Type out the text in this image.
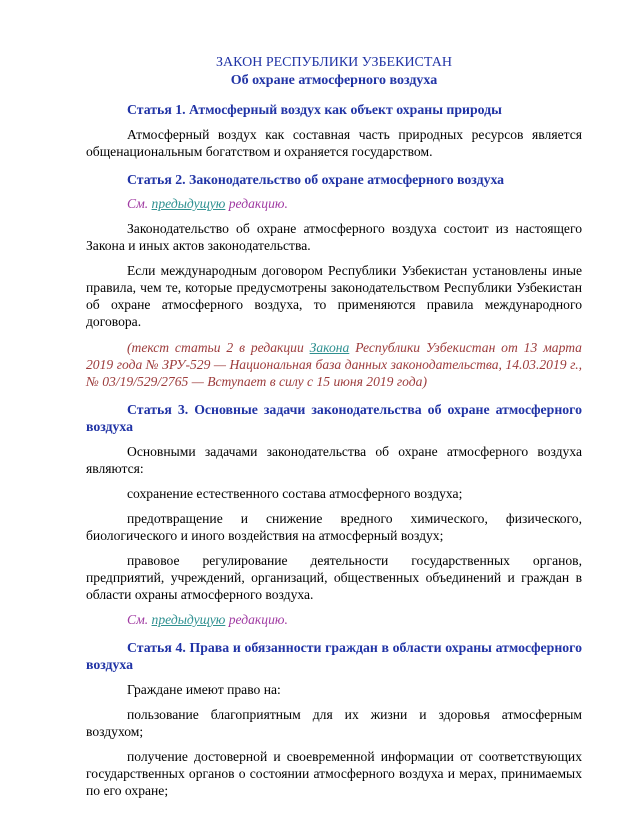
ЗАКОН РЕСПУБЛИКИ УЗБЕКИСТАН
Об охране атмосферного воздуха
Статья 1. Атмосферный воздух как объект охраны природы

Атмосферный воздух как составная часть природных ресурсов является общенациональным богатством и охраняется государством.

Статья 2. Законодательство об охране атмосферного воздуха

См. предыдущую редакцию.

Законодательство об охране атмосферного воздуха состоит из настоящего Закона и иных актов законодательства.

Если международным договором Республики Узбекистан установлены иные правила, чем те, которые предусмотрены законодательством Республики Узбекистан об охране атмосферного воздуха, то применяются правила международного договора.

(текст статьи 2 в редакции Закона Республики Узбекистан от 13 марта 2019 года № ЗРУ-529 — Национальная база данных законодательства, 14.03.2019 г., № 03/19/529/2765 — Вступает в силу с 15 июня 2019 года)

Статья 3. Основные задачи законодательства об охране атмосферного воздуха

Основными задачами законодательства об охране атмосферного воздуха являются:

сохранение естественного состава атмосферного воздуха;

предотвращение и снижение вредного химического, физического, биологического и иного воздействия на атмосферный воздух;

правовое регулирование деятельности государственных органов, предприятий, учреждений, организаций, общественных объединений и граждан в области охраны атмосферного воздуха.

См. предыдущую редакцию.

Статья 4. Права и обязанности граждан в области охраны атмосферного воздуха

Граждане имеют право на:

пользование благоприятным для их жизни и здоровья атмосферным воздухом;

получение достоверной и своевременной информации от соответствующих государственных органов о состоянии атмосферного воздуха и мерах, принимаемых по его охране;
